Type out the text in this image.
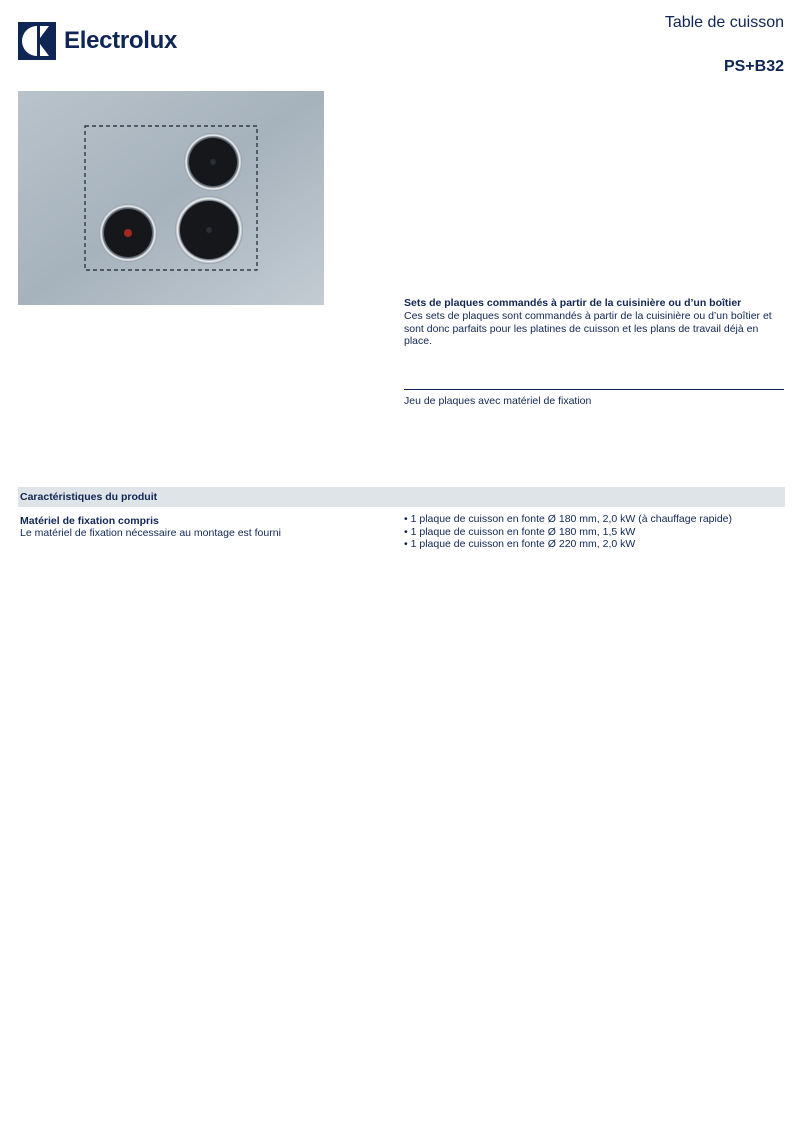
Electrolux
Table de cuisson
PS+B32
Sets de plaques commandés à partir de la cuisinière ou d’un boîtier
Ces sets de plaques sont commandés à partir de la cuisinière ou d’un boîtier et sont donc parfaits pour les platines de cuisson et les plans de travail déjà en place.
Jeu de plaques avec matériel de fixation
Caractéristiques du produit
Matériel de fixation compris
Le matériel de fixation nécessaire au montage est fourni
• 1 plaque de cuisson en fonte Ø 180 mm, 2,0 kW (à chauffage rapide)
• 1 plaque de cuisson en fonte Ø 180 mm, 1,5 kW
• 1 plaque de cuisson en fonte Ø 220 mm, 2,0 kW
